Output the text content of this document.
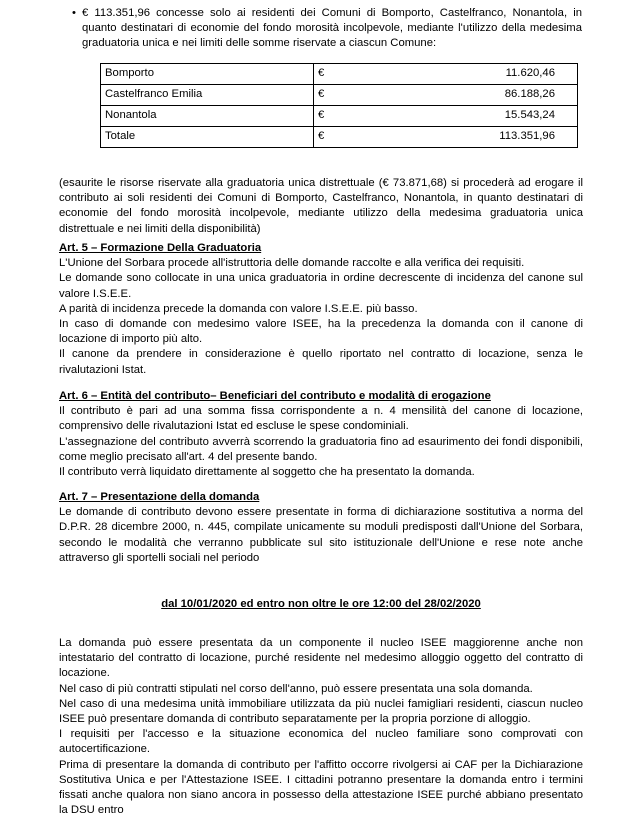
• € 113.351,96 concesse solo ai residenti dei Comuni di Bomporto, Castelfranco, Nonantola, in quanto destinatari di economie del fondo morosità incolpevole, mediante l'utilizzo della medesima graduatoria unica e nei limiti delle somme riservate a ciascun Comune:

Bomporto	€	11.620,46
Castelfranco Emilia	€	86.188,26
Nonantola	€	15.543,24
Totale	€	113.351,96

(esaurite le risorse riservate alla graduatoria unica distrettuale (€ 73.871,68) si procederà ad erogare il contributo ai soli residenti dei Comuni di Bomporto, Castelfranco, Nonantola, in quanto destinatari di economie del fondo morosità incolpevole, mediante utilizzo della medesima graduatoria unica distrettuale e nei limiti della disponibilità)

Art. 5 – Formazione Della Graduatoria

L'Unione del Sorbara procede all'istruttoria delle domande raccolte e alla verifica dei requisiti.

Le domande sono collocate in una unica graduatoria in ordine decrescente di incidenza del canone sul valore I.S.E.E.

A parità di incidenza precede la domanda con valore I.S.E.E. più basso.

In caso di domande con medesimo valore ISEE, ha la precedenza la domanda con il canone di locazione di importo più alto.

Il canone da prendere in considerazione è quello riportato nel contratto di locazione, senza le rivalutazioni Istat.

Art. 6 – Entità del contributo– Beneficiari del contributo e modalità di erogazione

Il contributo è pari ad una somma fissa corrispondente a n. 4 mensilità del canone di locazione, comprensivo delle rivalutazioni Istat ed escluse le spese condominiali.

L'assegnazione del contributo avverrà scorrendo la graduatoria fino ad esaurimento dei fondi disponibili, come meglio precisato all'art. 4 del presente bando.

Il contributo verrà liquidato direttamente al soggetto che ha presentato la domanda.

Art. 7 – Presentazione della domanda

Le domande di contributo devono essere presentate in forma di dichiarazione sostitutiva a norma del D.P.R. 28 dicembre 2000, n. 445, compilate unicamente su moduli predisposti dall'Unione del Sorbara, secondo le modalità che verranno pubblicate sul sito istituzionale dell'Unione e rese note anche attraverso gli sportelli sociali nel periodo

dal 10/01/2020 ed entro non oltre le ore 12:00 del 28/02/2020

La domanda può essere presentata da un componente il nucleo ISEE maggiorenne anche non intestatario del contratto di locazione, purché residente nel medesimo alloggio oggetto del contratto di locazione.

Nel caso di più contratti stipulati nel corso dell'anno, può essere presentata una sola domanda.

Nel caso di una medesima unità immobiliare utilizzata da più nuclei famigliari residenti, ciascun nucleo ISEE può presentare domanda di contributo separatamente per la propria porzione di alloggio.

I requisiti per l'accesso e la situazione economica del nucleo familiare sono comprovati con autocertificazione.

Prima di presentare la domanda di contributo per l'affitto occorre rivolgersi ai CAF per la Dichiarazione Sostitutiva Unica e per l'Attestazione ISEE. I cittadini potranno presentare la domanda entro i termini fissati anche qualora non siano ancora in possesso della attestazione ISEE purché abbiano presentato la DSU entro
